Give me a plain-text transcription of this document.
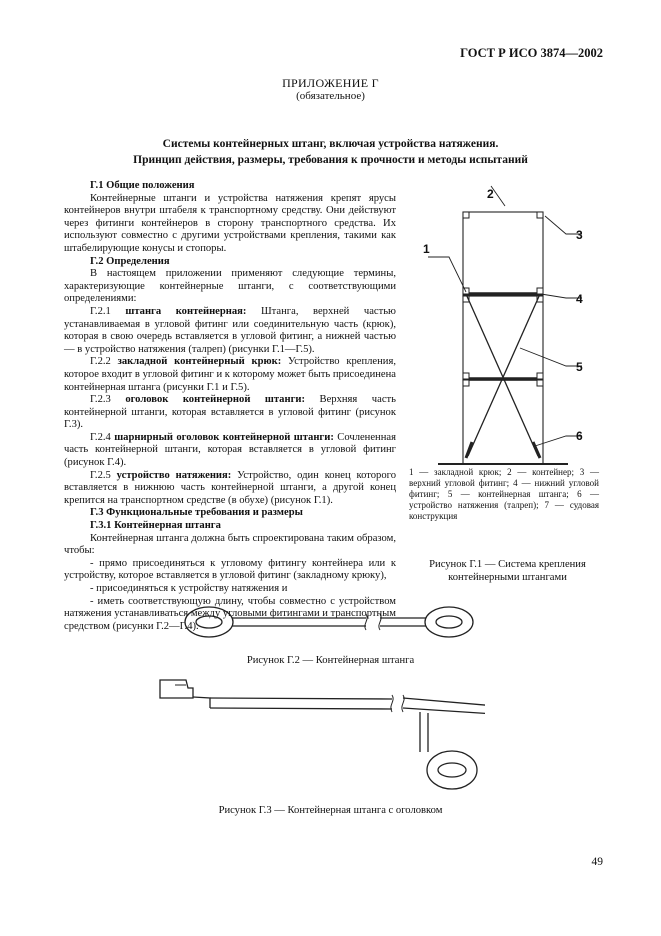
ГОСТ Р ИСО 3874—2002
ПРИЛОЖЕНИЕ Г
(обязательное)
Системы контейнерных штанг, включая устройства натяжения.
Принцип действия, размеры, требования к прочности и методы испытаний
Г.1 Общие положения

Контейнерные штанги и устройства натяжения крепят ярусы контейнеров внутри штабеля к транспортному средству. Они действуют через фитинги контейнеров в сторону транспортного средства. Их используют совместно с другими устройствами крепления, такими как штабелирующие конусы и стопоры.

Г.2 Определения

В настоящем приложении применяют следующие термины, характеризующие контейнерные штанги, с соответствующими определениями:

Г.2.1 штанга контейнерная: Штанга, верхней частью устанавливаемая в угловой фитинг или соединительную часть (крюк), которая в свою очередь вставляется в угловой фитинг, а нижней частью — в устройство натяжения (талреп) (рисунки Г.1—Г.5).

Г.2.2 закладной контейнерный крюк: Устройство крепления, которое входит в угловой фитинг и к которому может быть присоединена контейнерная штанга (рисунки Г.1 и Г.5).

Г.2.3 оголовок контейнерной штанги: Верхняя часть контейнерной штанги, которая вставляется в угловой фитинг (рисунок Г.3).

Г.2.4 шарнирный оголовок контейнерной штанги: Сочлененная часть контейнерной штанги, которая вставляется в угловой фитинг (рисунок Г.4).

Г.2.5 устройство натяжения: Устройство, один конец которого вставляется в нижнюю часть контейнерной штанги, а другой конец крепится на транспортном средстве (в обухе) (рисунок Г.1).

Г.3 Функциональные требования и размеры
Г.3.1 Контейнерная штанга

Контейнерная штанга должна быть спроектирована таким образом, чтобы:

- прямо присоединяться к угловому фитингу контейнера или к устройству, которое вставляется в угловой фитинг (закладному крюку),
- присоединяться к устройству натяжения и
- иметь соответствующую длину, чтобы совместно с устройством натяжения устанавливаться между угловыми фитингами и транспортным средством (рисунки Г.2—Г.4).
1
2
3
4
5
6
1 — закладной крюк; 2 — контейнер; 3 — верхний угловой фитинг; 4 — нижний угловой фитинг; 5 — контейнерная штанга; 6 — устройство натяжения (талреп); 7 — судовая конструкция
Рисунок Г.1 — Система крепления контейнерными штангами
Рисунок Г.2 — Контейнерная штанга
Рисунок Г.3 — Контейнерная штанга с оголовком
49
